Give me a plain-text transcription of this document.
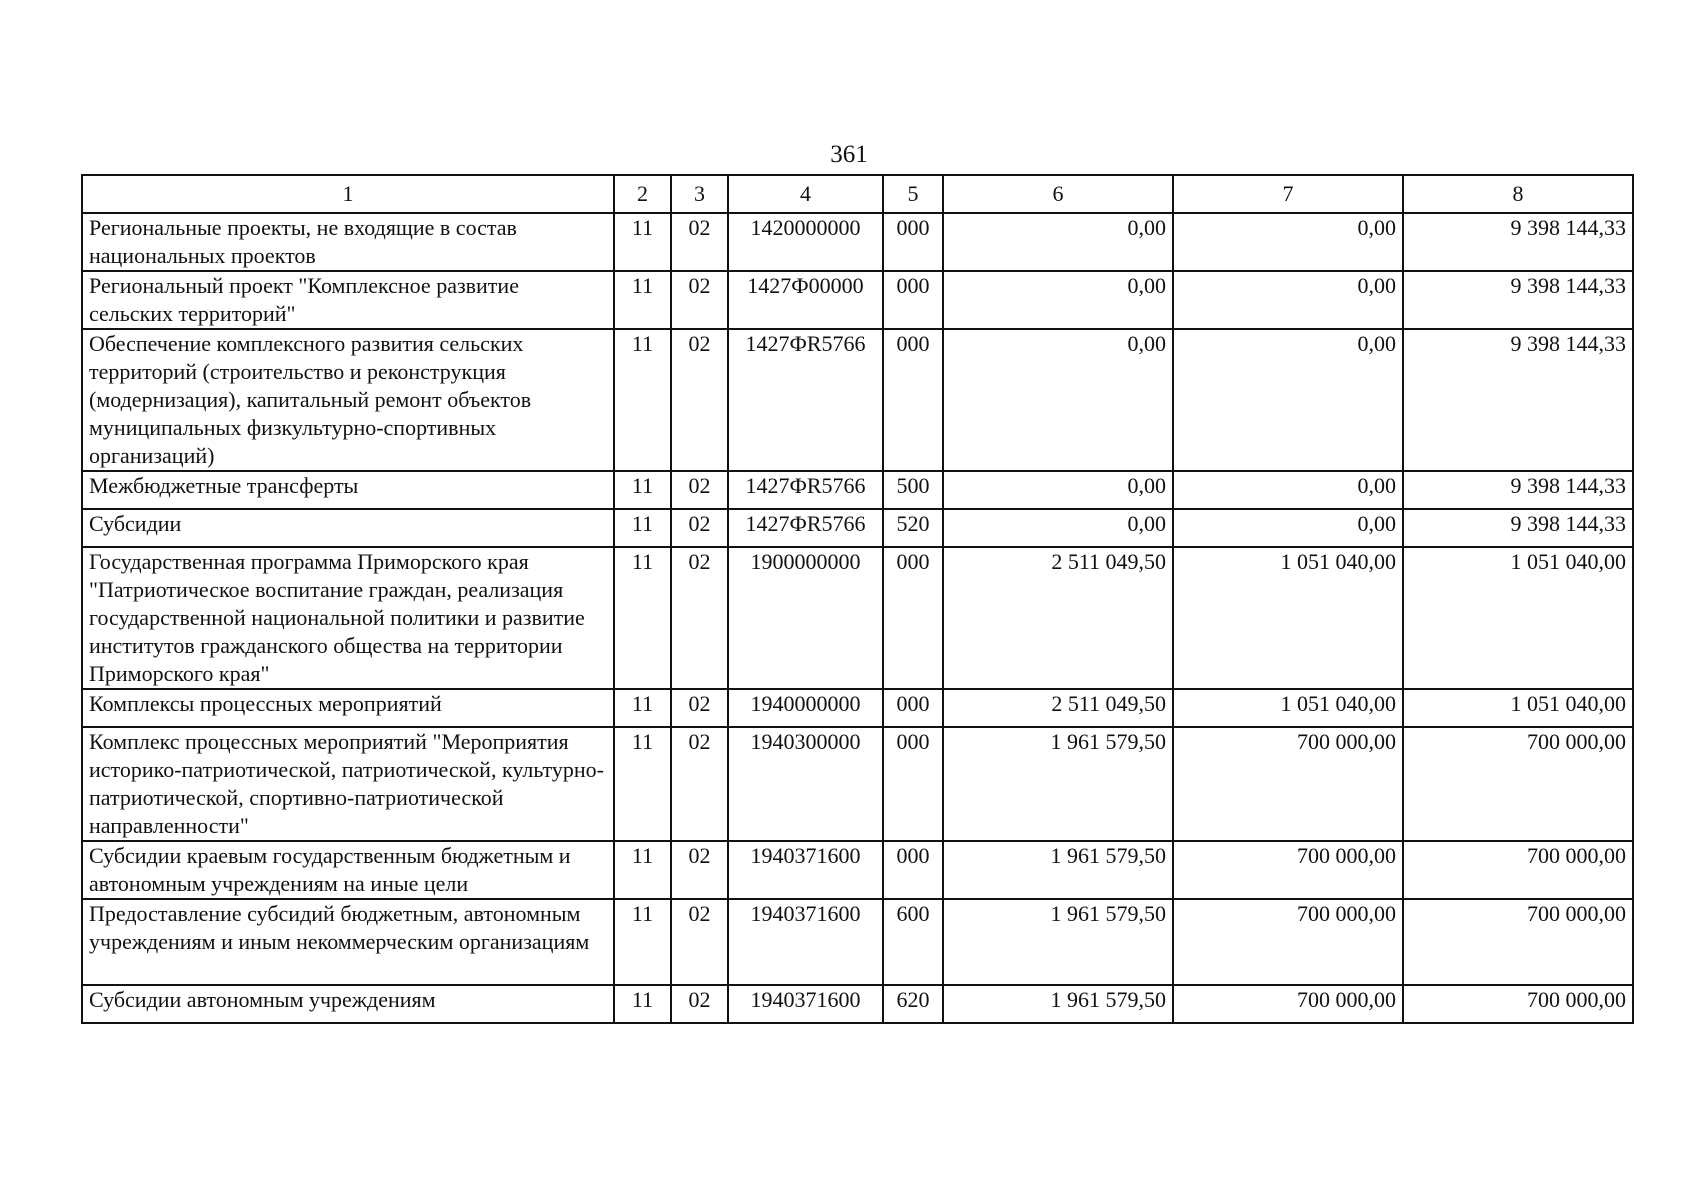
361
1	2	3	4	5	6	7	8
Региональные проекты, не входящие в состав национальных проектов	11	02	1420000000	000	0,00	0,00	9 398 144,33
Региональный проект "Комплексное развитие сельских территорий"	11	02	1427Ф00000	000	0,00	0,00	9 398 144,33
Обеспечение комплексного развития сельских территорий (строительство и реконструкция (модернизация), капитальный ремонт объектов муниципальных физкультурно-спортивных организаций)	11	02	1427ФR5766	000	0,00	0,00	9 398 144,33
Межбюджетные трансферты	11	02	1427ФR5766	500	0,00	0,00	9 398 144,33
Субсидии	11	02	1427ФR5766	520	0,00	0,00	9 398 144,33
Государственная программа Приморского края "Патриотическое воспитание граждан, реализация государственной национальной политики и развитие институтов гражданского общества на территории Приморского края"	11	02	1900000000	000	2 511 049,50	1 051 040,00	1 051 040,00
Комплексы процессных мероприятий	11	02	1940000000	000	2 511 049,50	1 051 040,00	1 051 040,00
Комплекс процессных мероприятий "Мероприятия историко-патриотической, патриотической, культурно-патриотической, спортивно-патриотической направленности"	11	02	1940300000	000	1 961 579,50	700 000,00	700 000,00
Субсидии краевым государственным бюджетным и автономным учреждениям на иные цели	11	02	1940371600	000	1 961 579,50	700 000,00	700 000,00
Предоставление субсидий бюджетным, автономным учреждениям и иным некоммерческим организациям	11	02	1940371600	600	1 961 579,50	700 000,00	700 000,00
Субсидии автономным учреждениям	11	02	1940371600	620	1 961 579,50	700 000,00	700 000,00
